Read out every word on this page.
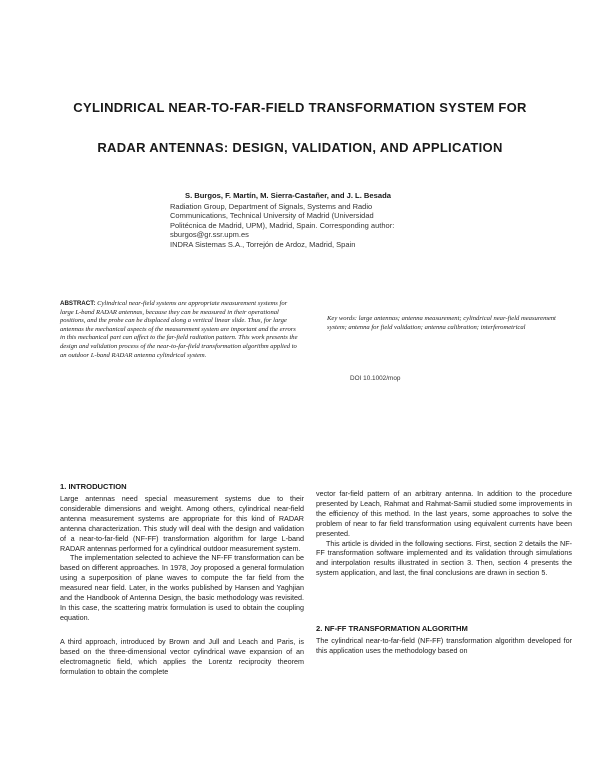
CYLINDRICAL NEAR-TO-FAR-FIELD TRANSFORMATION SYSTEM FOR
RADAR ANTENNAS: DESIGN, VALIDATION, AND APPLICATION
S. Burgos, F. Martín, M. Sierra-Castañer, and J. L. Besada
Radiation Group, Department of Signals, Systems and Radio
Communications, Technical University of Madrid (Universidad
Politécnica de Madrid, UPM), Madrid, Spain. Corresponding author:
sburgos@gr.ssr.upm.es
INDRA Sistemas S.A., Torrejón de Ardoz, Madrid, Spain
ABSTRACT: Cylindrical near-field systems are appropriate measurement systems for large L-band RADAR antennas, because they can be measured in their operational positions, and the probe can be displaced along a vertical linear slide. Thus, for large antennas the mechanical aspects of the measurement system are important and the errors in this mechanical part can affect to the far-field radiation pattern. This work presents the design and validation process of the near-to-far-field transformation algorithm applied to an outdoor L-band RADAR antenna cylindrical system.
Key words: large antennas; antenna measurement; cylindrical near-field measurement system; antenna for field validation; antenna calibration; interferometrical
DOI 10.1002/mop
1. INTRODUCTION

Large antennas need special measurement systems due to their considerable dimensions and weight. Among others, cylindrical near-field antenna measurement systems are appropriate for this kind of RADAR antenna characterization. This study will deal with the design and validation of a near-to-far-field (NF-FF) transformation algorithm for large L-band RADAR antennas performed for a cylindrical outdoor measurement system.

The implementation selected to achieve the NF-FF transformation can be based on different approaches. In 1978, Joy proposed a general formulation using a superposition of plane waves to compute the far field from the measured near field. Later, in the works published by Hansen and Yaghjian and the Handbook of Antenna Design, the basic methodology was revisited. In this case, the scattering matrix formulation is used to obtain the coupling equation.

A third approach, introduced by Brown and Jull and Leach and Paris, is based on the three-dimensional vector cylindrical wave expansion of an electromagnetic field, which applies the Lorentz reciprocity theorem formulation to obtain the complete

vector far-field pattern of an arbitrary antenna. In addition to the procedure presented by Leach, Rahmat and Rahmat-Samii studied some improvements in the efficiency of this method. In the last years, some approaches to solve the problem of near to far field transformation using equivalent currents have been presented.

This article is divided in the following sections. First, section 2 details the NF-FF transformation software implemented and its validation through simulations and interpolation results illustrated in section 3. Then, section 4 presents the system application, and last, the final conclusions are drawn in section 5.

2. NF-FF TRANSFORMATION ALGORITHM

The cylindrical near-to-far-field (NF-FF) transformation algorithm developed for this application uses the methodology based on
